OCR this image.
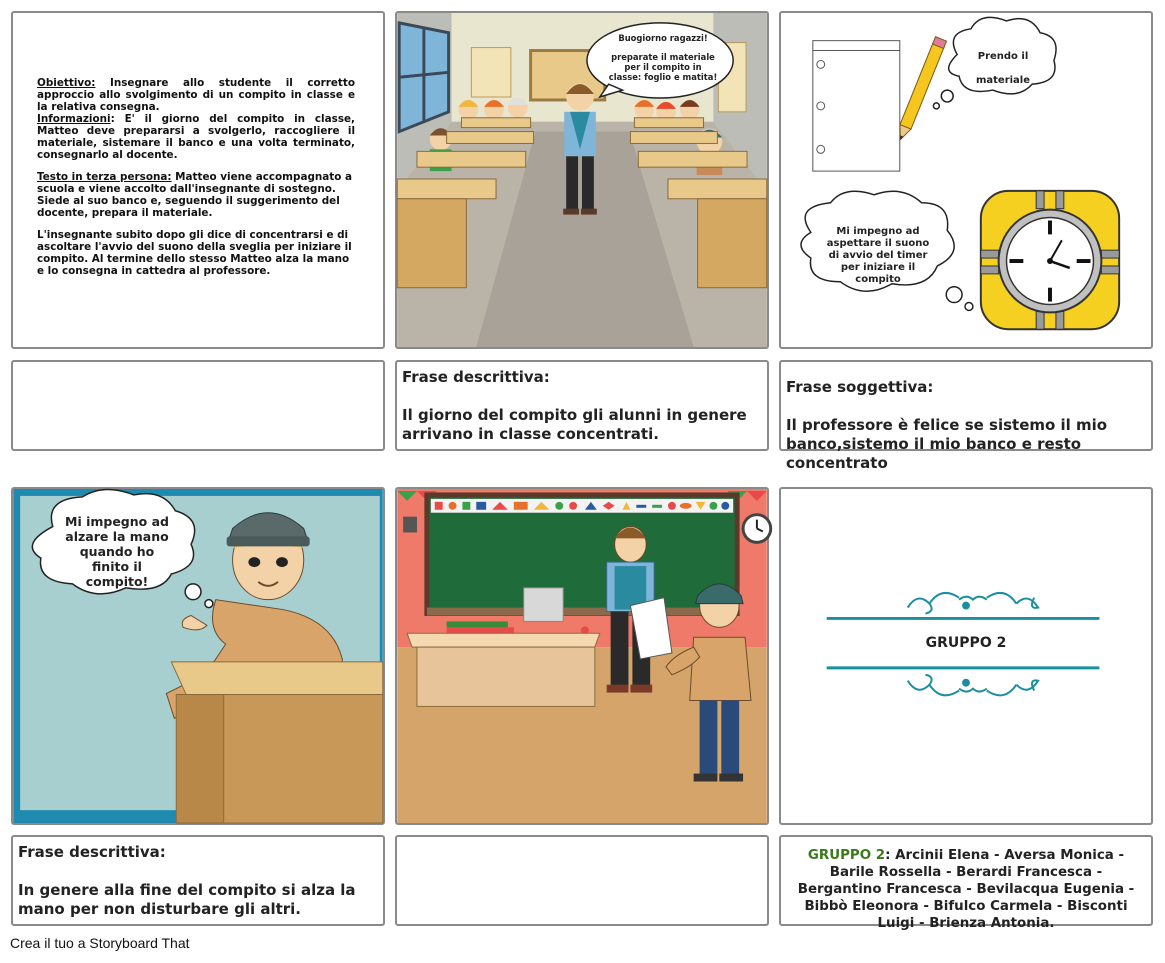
Obiettivo: Insegnare allo studente il corretto approccio allo svolgimento di un compito in classe e la relativa consegna.
Informazioni: E' il giorno del compito in classe, Matteo deve prepararsi a svolgerlo, raccogliere il materiale, sistemare il banco e una volta terminato, consegnarlo al docente.

Testo in terza persona: Matteo viene accompagnato a scuola e viene accolto dall'insegnante di sostegno. Siede al suo banco e, seguendo il suggerimento del docente, prepara il materiale.

L'insegnante subito dopo gli dice di concentrarsi e di ascoltare l'avvio del suono della sveglia per iniziare il compito. Al termine dello stesso Matteo alza la mano e lo consegna in cattedra al professore.

Buogiorno ragazzi!
preparate il materiale per il compito in classe: foglio e matita!
Prendo il
materiale
Mi impegno ad aspettare il suono di avvio del timer per iniziare il compito
Frase descrittiva:
Il giorno del compito gli alunni in genere arrivano in classe concentrati.
Frase soggettiva:
Il professore è felice se sistemo il mio banco,sistemo il mio banco e resto concentrato
Mi impegno ad alzare la mano quando ho finito il compito!
GRUPPO 2
Frase descrittiva:
In genere alla fine del compito si alza la mano per non disturbare gli altri.
GRUPPO 2: Arcinii Elena - Aversa Monica - Barile Rossella - Berardi Francesca - Bergantino Francesca - Bevilacqua Eugenia - Bibbò Eleonora - Bifulco Carmela - Bisconti Luigi - Brienza Antonia.
Crea il tuo a Storyboard That
